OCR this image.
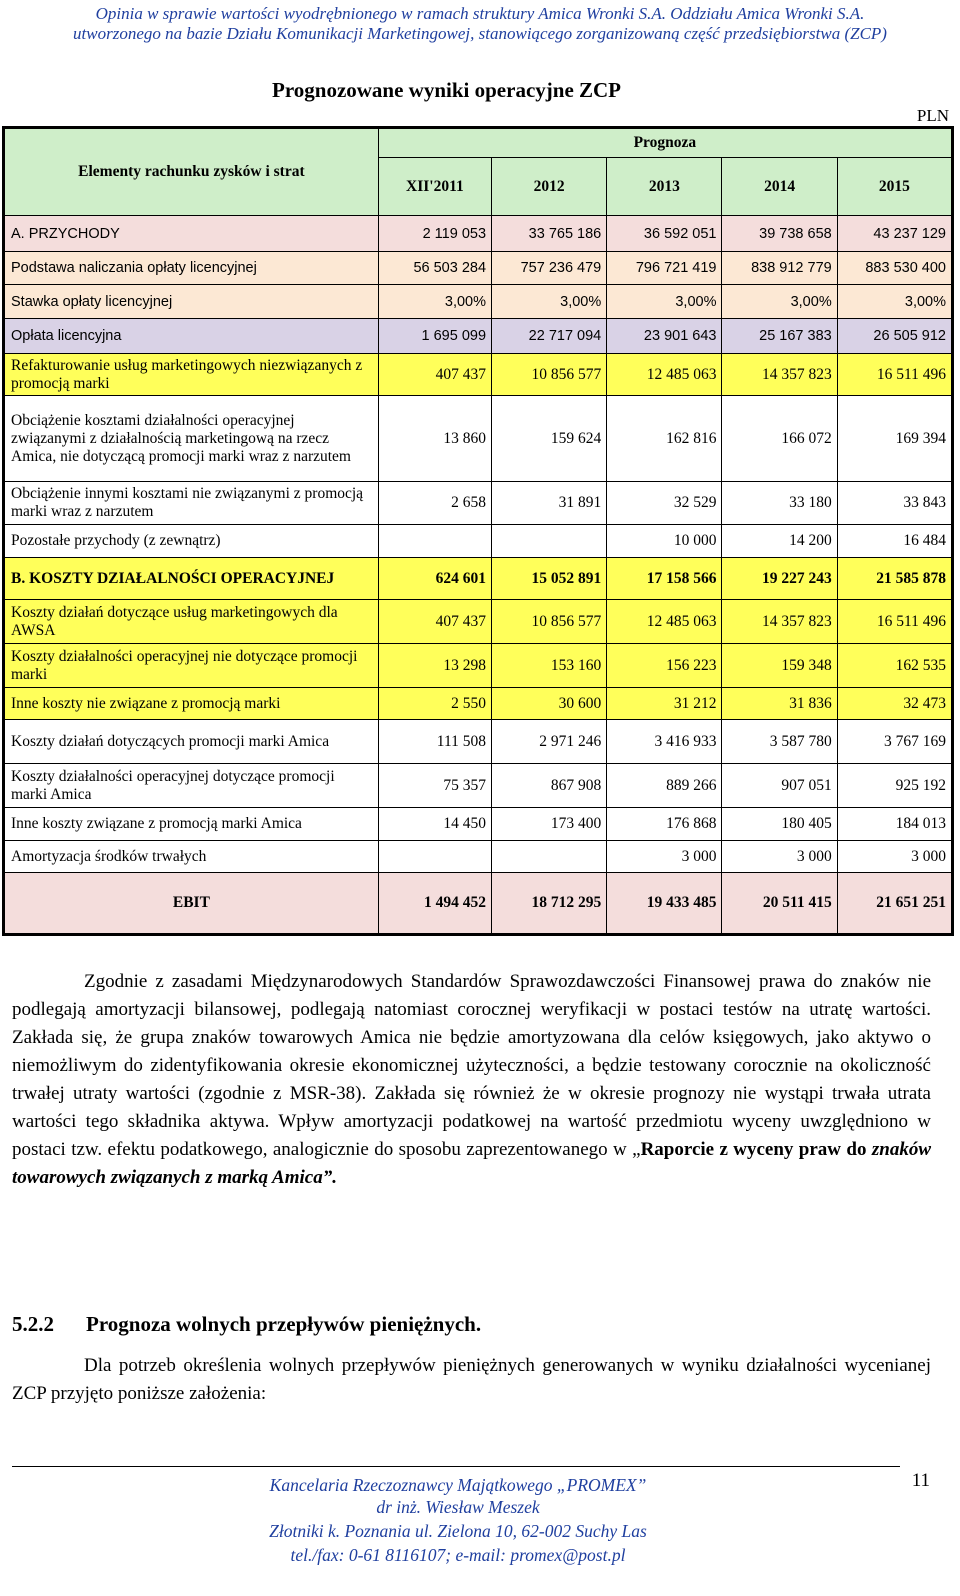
Opinia w sprawie wartości wyodrębnionego w ramach struktury Amica Wronki S.A. Oddziału Amica Wronki S.A.
utworzonego na bazie Działu Komunikacji Marketingowej, stanowiącego zorganizowaną część przedsiębiorstwa (ZCP)
Prognozowane wyniki operacyjne ZCP
PLN
Elementy rachunku zysków i strat	Prognoza				
	XII'2011	2012	2013	2014	2015
A. PRZYCHODY	2 119 053	33 765 186	36 592 051	39 738 658	43 237 129
Podstawa naliczania opłaty licencyjnej	56 503 284	757 236 479	796 721 419	838 912 779	883 530 400
Stawka opłaty licencyjnej	3,00%	3,00%	3,00%	3,00%	3,00%
Opłata licencyjna	1 695 099	22 717 094	23 901 643	25 167 383	26 505 912
Refakturowanie usług marketingowych niezwiązanych z promocją marki	407 437	10 856 577	12 485 063	14 357 823	16 511 496
Obciążenie kosztami działalności operacyjnej związanymi z działalnością marketingową na rzecz Amica, nie dotyczącą promocji marki wraz z narzutem	13 860	159 624	162 816	166 072	169 394
Obciążenie innymi kosztami nie związanymi z promocją marki wraz z narzutem	2 658	31 891	32 529	33 180	33 843
Pozostałe przychody (z zewnątrz)			10 000	14 200	16 484
B. KOSZTY DZIAŁALNOŚCI OPERACYJNEJ	624 601	15 052 891	17 158 566	19 227 243	21 585 878
Koszty działań dotyczące usług marketingowych dla AWSA	407 437	10 856 577	12 485 063	14 357 823	16 511 496
Koszty działalności operacyjnej nie dotyczące promocji marki	13 298	153 160	156 223	159 348	162 535
Inne koszty nie związane z promocją marki	2 550	30 600	31 212	31 836	32 473
Koszty działań dotyczących promocji marki Amica	111 508	2 971 246	3 416 933	3 587 780	3 767 169
Koszty działalności operacyjnej dotyczące promocji marki Amica	75 357	867 908	889 266	907 051	925 192
Inne koszty związane z promocją marki Amica	14 450	173 400	176 868	180 405	184 013
Amortyzacja środków trwałych			3 000	3 000	3 000
EBIT	1 494 452	18 712 295	19 433 485	20 511 415	21 651 251

Zgodnie z zasadami Międzynarodowych Standardów Sprawozdawczości Finansowej prawa do znaków nie podlegają amortyzacji bilansowej, podlegają natomiast corocznej weryfikacji w postaci testów na utratę wartości. Zakłada się, że grupa znaków towarowych Amica nie będzie amortyzowana dla celów księgowych, jako aktywo o niemożliwym do zidentyfikowania okresie ekonomicznej użyteczności, a będzie testowany corocznie na okoliczność trwałej utraty wartości (zgodnie z MSR-38). Zakłada się również że w okresie prognozy nie wystąpi trwała utrata wartości tego składnika aktywa. Wpływ amortyzacji podatkowej na wartość przedmiotu wyceny uwzględniono w postaci tzw. efektu podatkowego, analogicznie do sposobu zaprezentowanego w „Raporcie z wyceny praw do znaków towarowych związanych z marką Amica”.

5.2.2 Prognoza wolnych przepływów pieniężnych.

Dla potrzeb określenia wolnych przepływów pieniężnych generowanych w wyniku działalności wycenianej ZCP przyjęto poniższe założenia:

Kancelaria Rzeczoznawcy Majątkowego „PROMEX”
dr inż. Wiesław Meszek
Złotniki k. Poznania ul. Zielona 10, 62-002 Suchy Las
tel./fax: 0-61 8116107; e-mail: promex@post.pl
11
